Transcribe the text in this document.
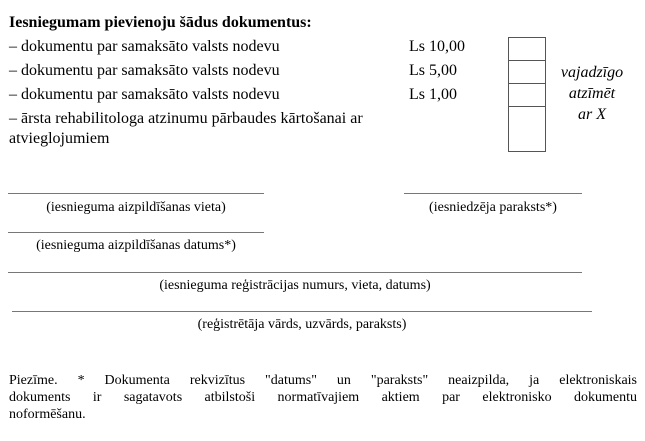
Iesniegumam pievienoju šādus dokumentus:
– dokumentu par samaksāto valsts nodevu	Ls 10,00
– dokumentu par samaksāto valsts nodevu	Ls 5,00
– dokumentu par samaksāto valsts nodevu	Ls 1,00
– ārsta rehabilitologa atzinumu pārbaudes kārtošanai ar
atvieglojumiem
vajadzīgo
atzīmēt
ar X
(iesnieguma aizpildīšanas vieta)	(iesniedzēja paraksts*)
(iesnieguma aizpildīšanas datums*)
(iesnieguma reģistrācijas numurs, vieta, datums)
(reģistrētāja vārds, uzvārds, paraksts)
Piezīme. * Dokumenta rekvizītus "datums" un "paraksts" neaizpilda, ja elektroniskais
dokuments ir sagatavots atbilstoši normatīvajiem aktiem par elektronisko dokumentu
noformēšanu.
